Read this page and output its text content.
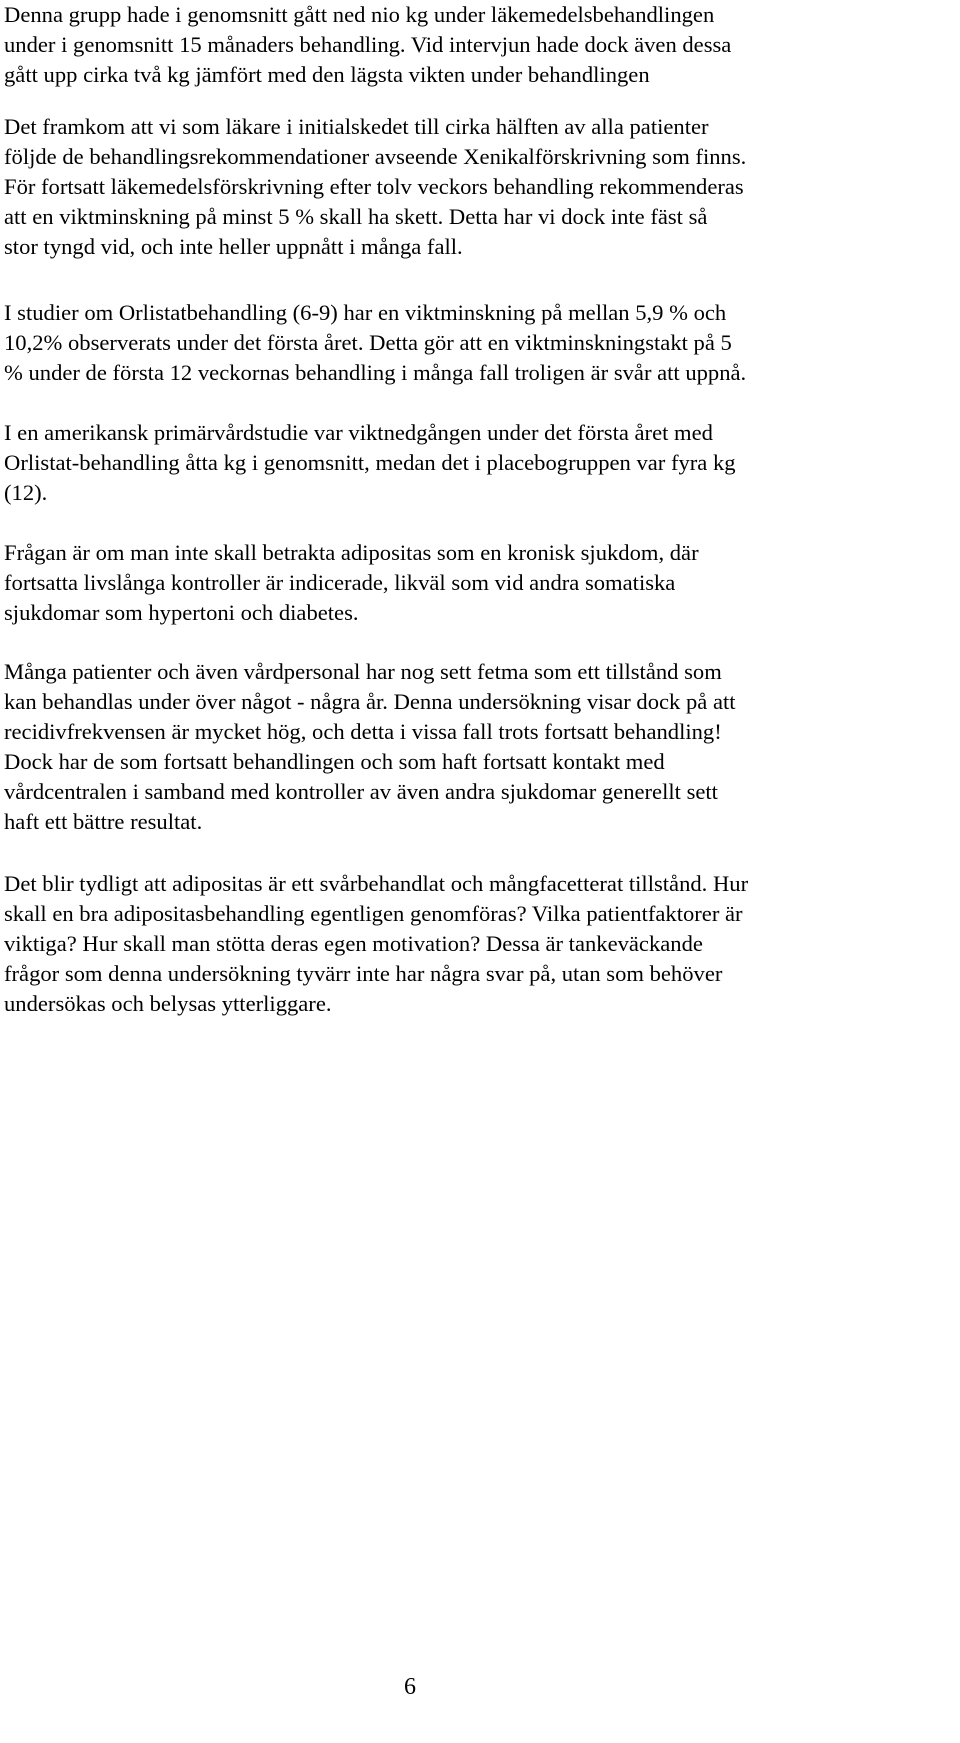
Denna grupp hade i genomsnitt gått ned nio kg under läkemedelsbehandlingen
under i genomsnitt 15 månaders behandling. Vid intervjun hade dock även dessa
gått upp cirka två kg jämfört med den lägsta vikten under behandlingen

Det framkom att vi som läkare i initialskedet till cirka hälften av alla patienter
följde de behandlingsrekommendationer avseende Xenikalförskrivning som finns.
För fortsatt läkemedelsförskrivning efter tolv veckors behandling rekommenderas
att en viktminskning på minst 5 % skall ha skett. Detta har vi dock inte fäst så
stor tyngd vid, och inte heller uppnått i många fall.

I studier om Orlistatbehandling (6-9) har en viktminskning på mellan 5,9 % och
10,2% observerats under det första året. Detta gör att en viktminskningstakt på 5
% under de första 12 veckornas behandling i många fall troligen är svår att uppnå.

I en amerikansk primärvårdstudie var viktnedgången under det första året med
Orlistat-behandling åtta kg i genomsnitt, medan det i placebogruppen var fyra kg
(12).

Frågan är om man inte skall betrakta adipositas som en kronisk sjukdom, där
fortsatta livslånga kontroller är indicerade, likväl som vid andra somatiska
sjukdomar som hypertoni och diabetes.

Många patienter och även vårdpersonal har nog sett fetma som ett tillstånd som
kan behandlas under över något - några år. Denna undersökning visar dock på att
recidivfrekvensen är mycket hög, och detta i vissa fall trots fortsatt behandling!
Dock har de som fortsatt behandlingen och som haft fortsatt kontakt med
vårdcentralen i samband med kontroller av även andra sjukdomar generellt sett
haft ett bättre resultat.

Det blir tydligt att adipositas är ett svårbehandlat och mångfacetterat tillstånd. Hur
skall en bra adipositasbehandling egentligen genomföras? Vilka patientfaktorer är
viktiga? Hur skall man stötta deras egen motivation? Dessa är tankeväckande
frågor som denna undersökning tyvärr inte har några svar på, utan som behöver
undersökas och belysas ytterliggare.

6
